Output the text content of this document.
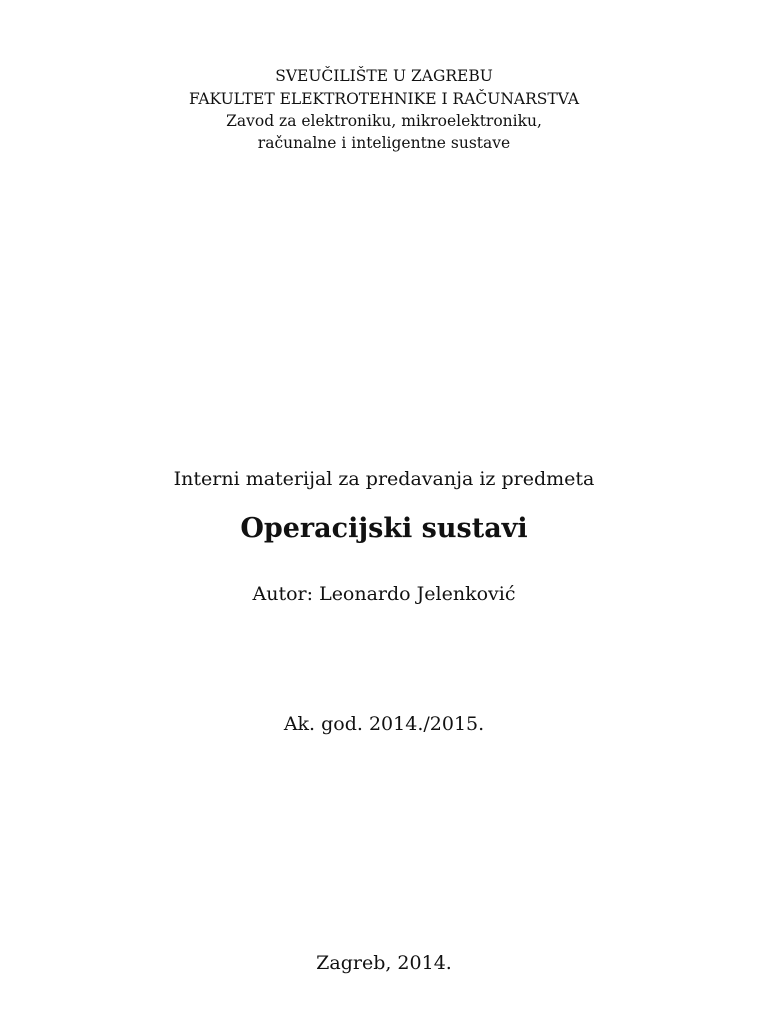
SVEUČILIŠTE U ZAGREBU
FAKULTET ELEKTROTEHNIKE I RAČUNARSTVA
Zavod za elektroniku, mikroelektroniku,
računalne i inteligentne sustave
Interni materijal za predavanja iz predmeta
Operacijski sustavi
Autor: Leonardo Jelenković
Ak. god. 2014./2015.
Zagreb, 2014.
